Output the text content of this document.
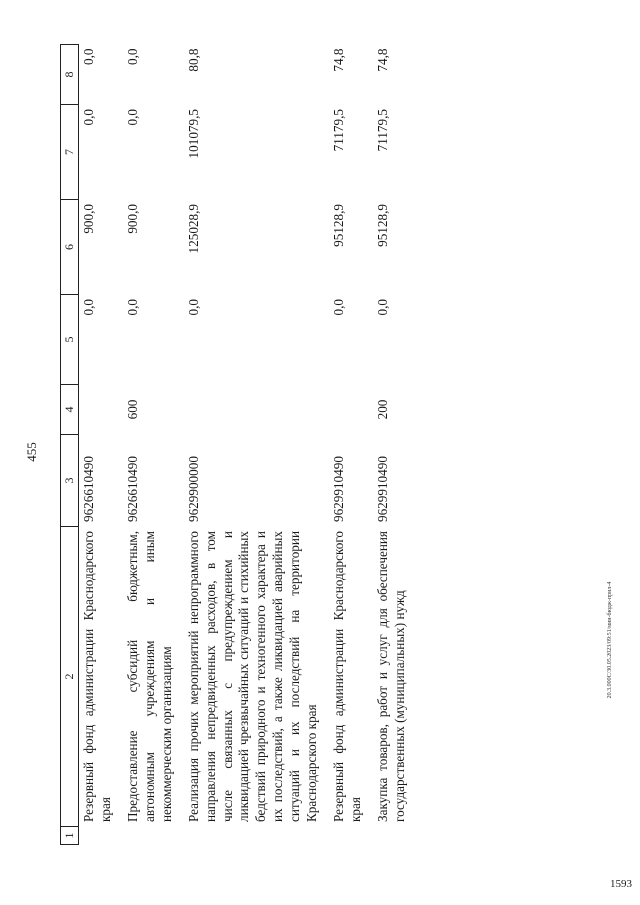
455
1	2	3	4	5	6	7	8
	Резервный фонд администрации Краснодарского края	9626610490		0,0	900,0	0,0	0,0
	Предоставление субсидий бюджетным, автономным учреждениям и иным некоммерческим организациям	9626610490	600	0,0	900,0	0,0	0,0
	Реализация прочих мероприятий непрограммного направления непредвиденных расходов, в том числе связанных с предупреждением и ликвидацией чрезвычайных ситуаций и стихийных бедствий природного и техногенного характера и их последствий, а также ликвидацией аварийных ситуаций и их последствий на территории Краснодарского края	9629900000		0,0	125028,9	101079,5	80,8
	Резервный фонд администрации Краснодарского края	9629910490		0,0	95128,9	71179,5	74,8
	Закупка товаров, работ и услуг для обеспечения государственных (муниципальных) нужд	9629910490	200	0,0	95128,9	71179,5	74,8
20.3.000С/30.05.2023/09:51/мин-бюдж-прил-4
1593
